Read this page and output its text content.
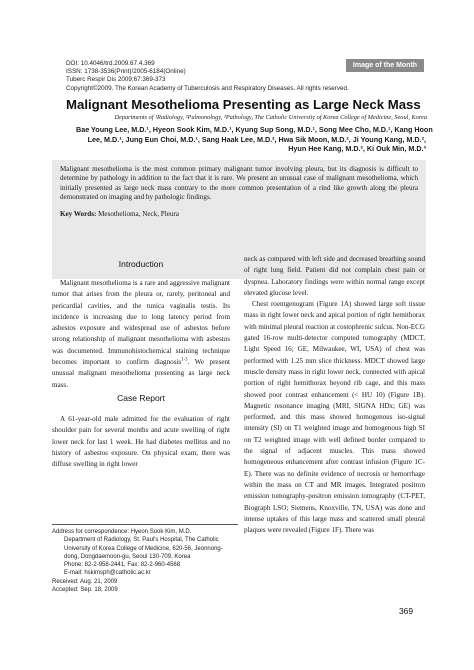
DOI: 10.4046/trd.2009.67.4.369
ISSN: 1738-3536(Print)/2005-6184(Online)
Tuberc Respir Dis 2009;67:369-373
Copyright©2009. The Korean Academy of Tuberculosis and Respiratory Diseases. All rights reserved.
Image of the Month
Malignant Mesothelioma Presenting as Large Neck Mass
Departments of ¹Radiology, ²Pulmonology, ³Pathology, The Catholic University of Korea College of Medicine, Seoul, Korea
Bae Young Lee, M.D.¹, Hyeon Sook Kim, M.D.¹, Kyung Sup Song, M.D.¹, Song Mee Cho, M.D.¹, Kang Hoon
Lee, M.D.¹, Jung Eun Choi, M.D.¹, Sang Haak Lee, M.D.², Hwa Sik Moon, M.D.², Ji Young Kang, M.D.²,
Hyun Hee Kang, M.D.², Ki Ouk Min, M.D.³

Malignant mesothelioma is the most common primary malignant tumor involving pleura, but its diagnosis is difficult to determine by pathology in addition to the fact that it is rare. We present an unusual case of malignant mesothelioma, which initially presented as large neck mass contrary to the more common presentation of a rind like growth along the pleura demonstrated on imaging and by pathologic findings.

Key Words: Mesothelioma, Neck, Pleura

Introduction

Malignant mesothelioma is a rare and aggressive malignant tumor that arises from the pleura or, rarely, peritoneal and pericardial cavities, and the tunica vaginalis testis. Its incidence is increasing due to long latency period from asbestos exposure and widespread use of asbestos before strong relationship of malignant mesothelioma with asbestos was documented. Immunohistochemical staining technique becomes important to confirm diagnosis$^{1-3}$. We present unusual malignant mesothelioma presenting as large neck mass.

Case Report

A 61-year-old male admitted for the evaluation of right shoulder pain for several months and acute swelling of right lower neck for last 1 week. He had diabetes mellitus and no history of asbestos exposure. On physical exam, there was diffuse swelling in right lower

neck as compared with left side and decreased breathing sound of right lung field. Patient did not complain chest pain or dyspnea. Laboratory findings were within normal range except elevated glucose level.

Chest roentgenogram (Figure 1A) showed large soft tissue mass in right lower neck and apical portion of right hemithorax with minimal pleural reaction at costophrenic sulcus. Non-ECG gated 16-row multi-detector computed tomography (MDCT, Light Speed 16; GE, Milwaukee, WI, USA) of chest was performed with 1.25 mm slice thickness. MDCT showed large muscle density mass in right lower neck, connected with apical portion of right hemithorax beyond rib cage, and this mass showed poor contrast enhancement (< HU 10) (Figure 1B). Magnetic resonance imaging (MRI, SIGNA HDx; GE) was performed, and this mass showed homogenous iso-signal intensity (SI) on T1 weighted image and homogenous high SI on T2 weighted image with well defined border compared to the signal of adjacent muscles. This mass showed homogeneous enhancement after contrast infusion (Figure 1C-E). There was no definite evidence of necrosis or hemorrhage within the mass on CT and MR images. Integrated positron emission tomography-positron emission tomography (CT-PET, Biograph LSO; Siemens, Knoxville, TN, USA) was done and intense uptakes of this large mass and scattered small pleural plaques were revealed (Figure 1F). There was

Address for correspondence: Hyeon Sook Kim, M.D.
Department of Radiology, St. Paul's Hospital, The Catholic
University of Korea College of Medicine, 620-56, Jeonnong-
dong, Dongdaemoon-gu, Seoul 130-709, Korea
Phone: 82-2-958-2441, Fax: 82-2-960-4568
E-mail: hskimsph@catholic.ac.kr
Received: Aug. 21, 2009
Accepted: Sep. 18, 2009
369
